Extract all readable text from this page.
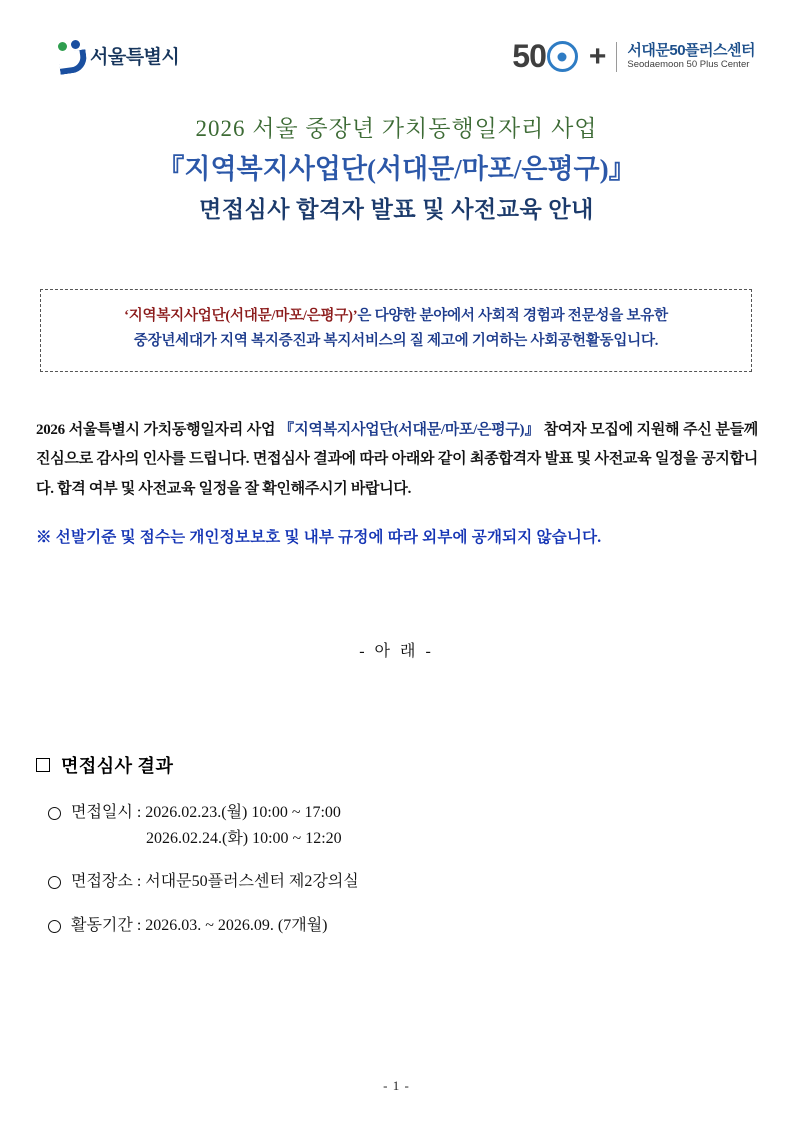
서울특별시	50 + 서대문50플러스센터
Seodaemoon 50 Plus Center
2026 서울 중장년 가치동행일자리 사업
『지역복지사업단(서대문/마포/은평구)』
면접심사 합격자 발표 및 사전교육 안내

‘지역복지사업단(서대문/마포/은평구)’은 다양한 분야에서 사회적 경험과 전문성을 보유한

중장년세대가 지역 복지증진과 복지서비스의 질 제고에 기여하는 사회공헌활동입니다.

2026 서울특별시 가치동행일자리 사업 『지역복지사업단(서대문/마포/은평구)』 참여자 모집에 지원해 주신 분들께 진심으로 감사의 인사를 드립니다. 면접심사 결과에 따라 아래와 같이 최종합격자 발표 및 사전교육 일정을 공지합니다. 합격 여부 및 사전교육 일정을 잘 확인해주시기 바랍니다.
※ 선발기준 및 점수는 개인정보보호 및 내부 규정에 따라 외부에 공개되지 않습니다.
- 아 래 -
면접심사 결과
면접일시 : 2026.02.23.(월) 10:00 ~ 17:00
2026.02.24.(화) 10:00 ~ 12:20
면접장소 : 서대문50플러스센터 제2강의실
활동기간 : 2026.03. ~ 2026.09. (7개월)
- 1 -
